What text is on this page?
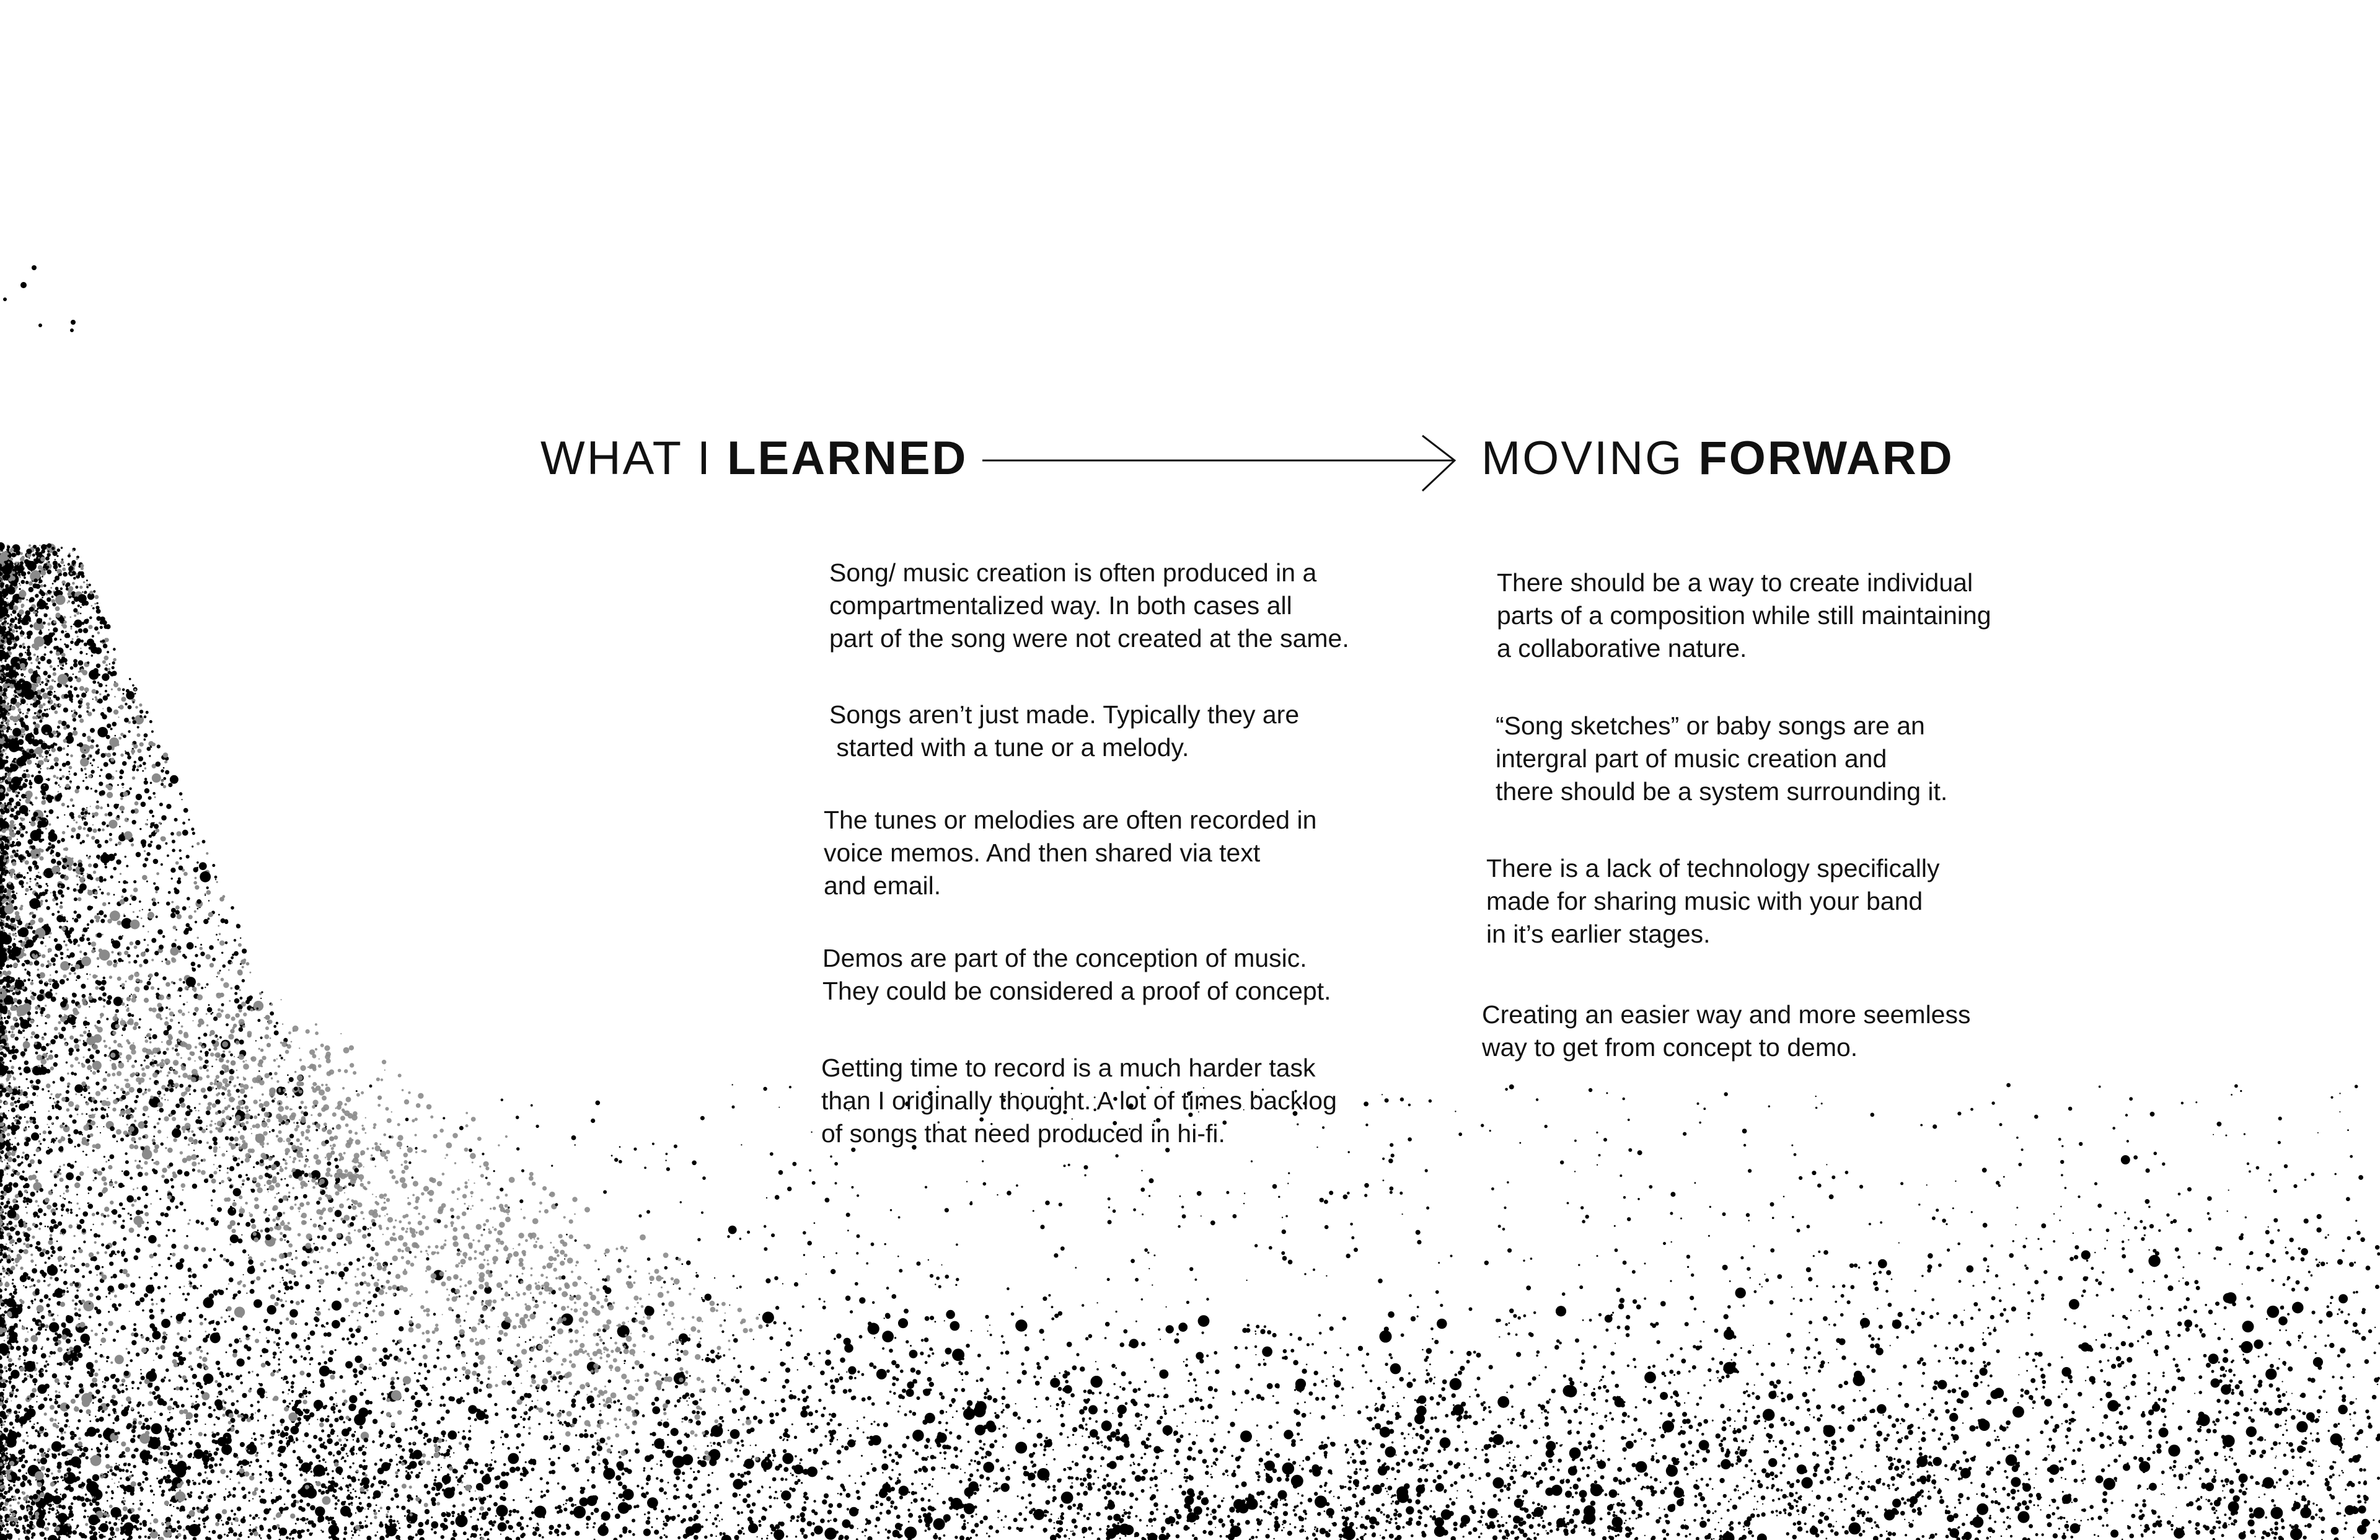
WHAT I LEARNED	MOVING FORWARD

Song/ music creation is often produced in a
compartmentalized way. In both cases all
part of the song were not created at the same.

Songs aren’t just made. Typically they are
started with a tune or a melody.

The tunes or melodies are often recorded in
voice memos. And then shared via text
and email.

Demos are part of the conception of music.
They could be considered a proof of concept.

Getting time to record is a much harder task
than I originally thought. A lot of times backlog
of songs that need produced in hi-fi.

There should be a way to create individual
parts of a composition while still maintaining
a collaborative nature.

“Song sketches” or baby songs are an
intergral part of music creation and
there should be a system surrounding it.

There is a lack of technology specifically
made for sharing music with your band
in it’s earlier stages.

Creating an easier way and more seemless
way to get from concept to demo.
